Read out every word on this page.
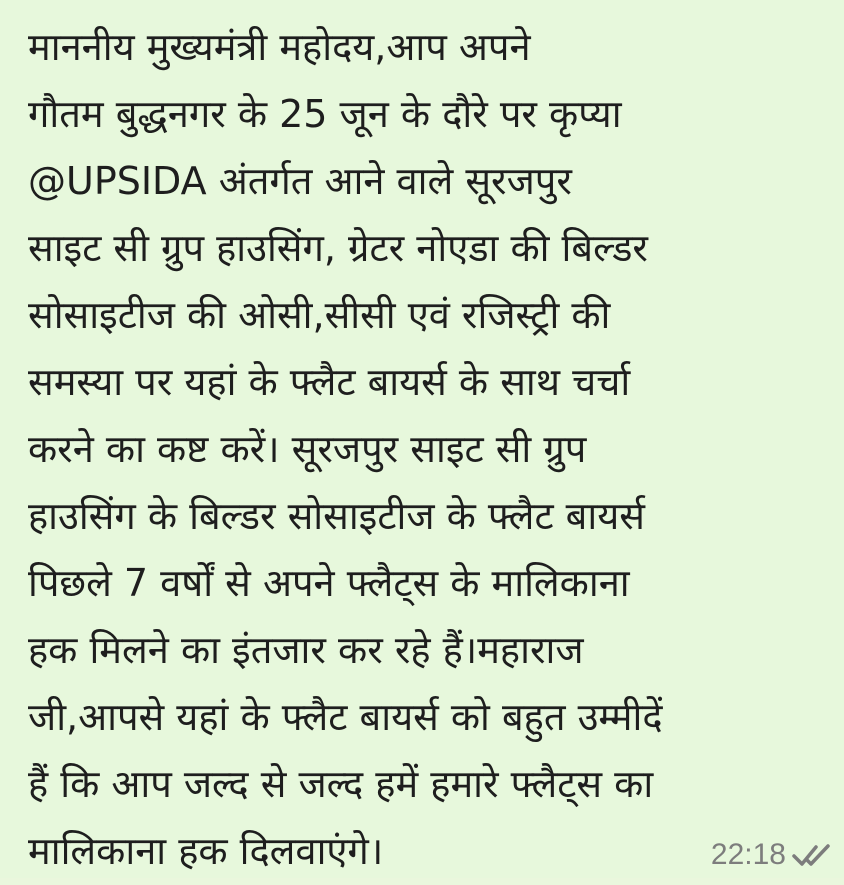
माननीय मुख्यमंत्री महोदय,आप अपने
गौतम बुद्धनगर के 25 जून के दौरे पर कृप्या
@UPSIDA अंतर्गत आने वाले सूरजपुर
साइट सी ग्रुप हाउसिंग, ग्रेटर नोएडा की बिल्डर
सोसाइटीज की ओसी,सीसी एवं रजिस्ट्री की
समस्या पर यहां के फ्लैट बायर्स के साथ चर्चा
करने का कष्ट करें। सूरजपुर साइट सी ग्रुप
हाउसिंग के बिल्डर सोसाइटीज के फ्लैट बायर्स
पिछले 7 वर्षों से अपने फ्लैट्स के मालिकाना
हक मिलने का इंतजार कर रहे हैं।महाराज
जी,आपसे यहां के फ्लैट बायर्स को बहुत उम्मीदें
हैं कि आप जल्द से जल्द हमें हमारे फ्लैट्स का
मालिकाना हक दिलवाएंगे।	22:18
